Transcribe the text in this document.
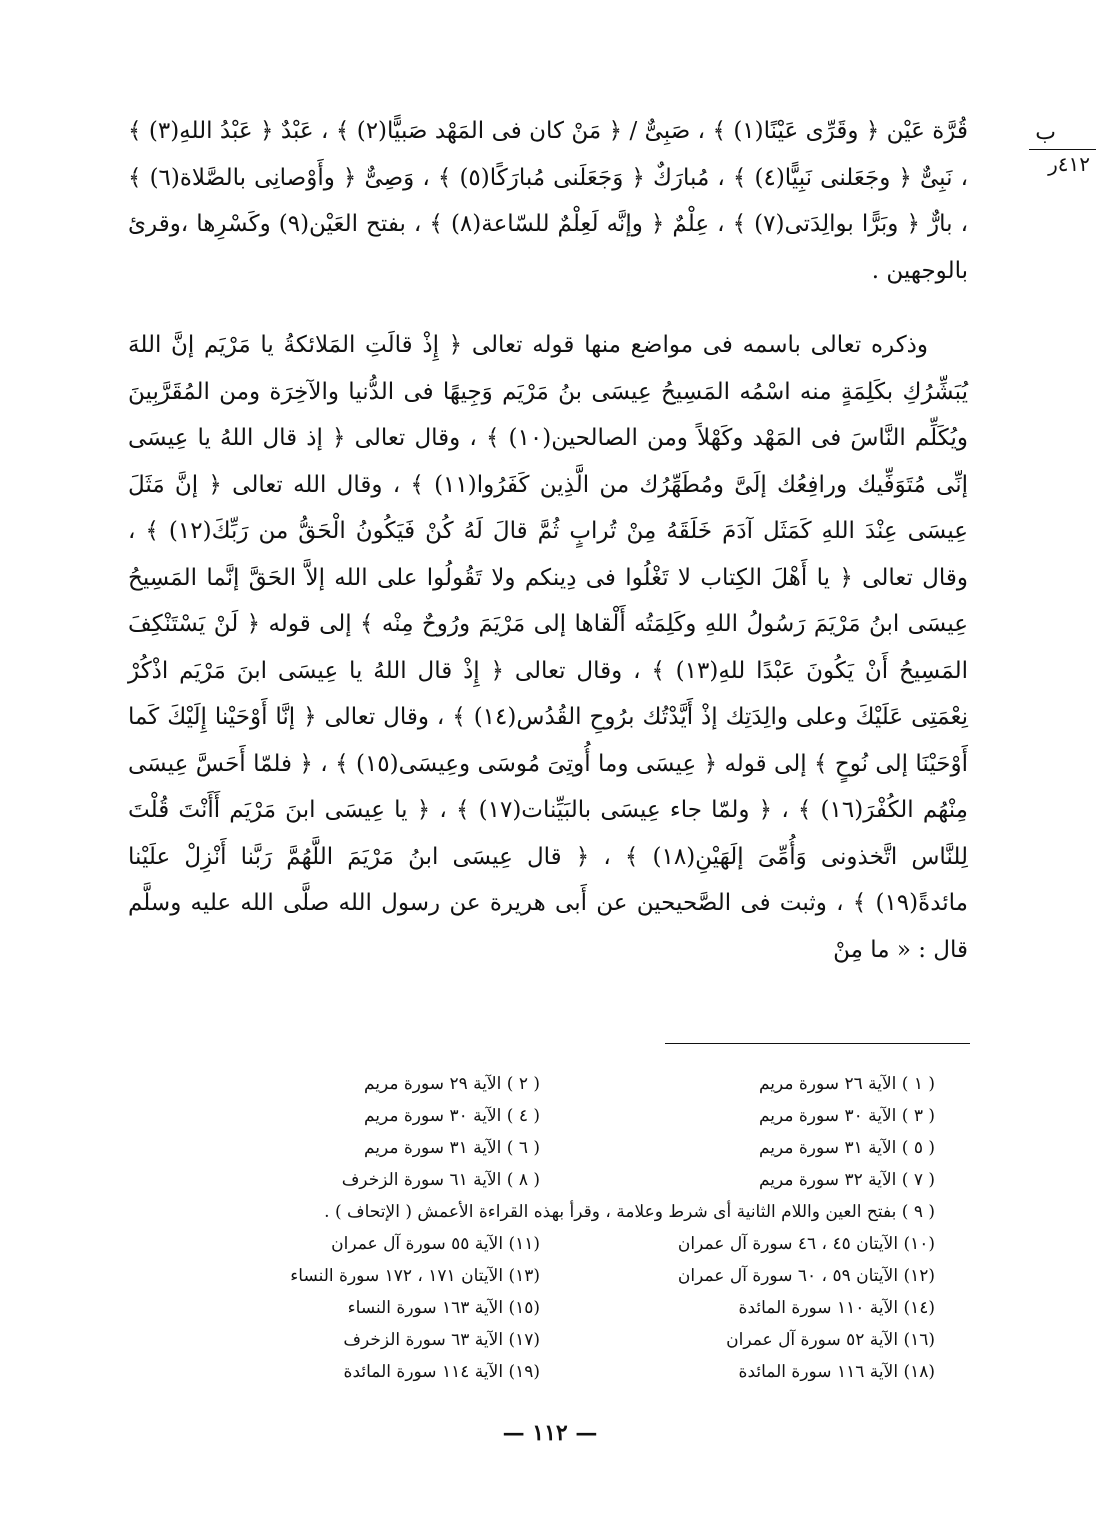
ب
٤١٢ر

قُرَّة عَيْن ﴿ وقَرِّى عَيْنًا(١) ﴾ ، صَبِىٌّ / ﴿ مَنْ كان فى المَهْد صَبيًّا(٢) ﴾ ، عَبْدٌ ﴿ عَبْدُ اللهِ(٣) ﴾ ، نَبِىٌّ ﴿ وجَعَلنى نَبِيًّا(٤) ﴾ ، مُبارَكٌ ﴿ وَجَعَلَنى مُبارَكًا(٥) ﴾ ، وَصِىٌّ ﴿ وأَوْصانِى بالصَّلاة(٦) ﴾ ، بارٌّ ﴿ وبَرًّا بوالِدَتى(٧) ﴾ ، عِلْمٌ ﴿ وإنَّه لَعِلْمٌ للسّاعة(٨) ﴾ ، بفتح العَيْن(٩) وكَسْرِها ،وقرئ بالوجهين .

وذكره تعالى باسمه فى مواضع منها قوله تعالى ﴿ إِذْ قالَتِ المَلائكةُ يا مَرْيَم إنَّ اللهَ يُبَشِّرُكِ بكَلِمَةٍ منه اسْمُه المَسِيحُ عِيسَى بنُ مَرْيَم وَجِيهًا فى الدُّنيا والآخِرَة ومن المُقَرَّبِينَ ويُكَلِّم النَّاسَ فى المَهْد وكَهْلاً ومن الصالحين(١٠) ﴾ ، وقال تعالى ﴿ إذ قال اللهُ يا عِيسَى إنِّى مُتَوَفِّيك ورافِعُك إلَىَّ ومُطَهِّرُك من الَّذِين كَفَرُوا(١١) ﴾ ، وقال الله تعالى ﴿ إنَّ مَثَلَ عِيسَى عِنْدَ اللهِ كَمَثَل آدَمَ خَلَقَهُ مِنْ تُرابٍ ثُمَّ قالَ لَهُ كُنْ فَيَكُونُ الْحَقُّ من رَبِّكَ(١٢) ﴾ ، وقال تعالى ﴿ يا أَهْلَ الكِتاب لا تَغْلُوا فى دِينكم ولا تَقُولُوا على الله إلاَّ الحَقَّ إنَّما المَسِيحُ عِيسَى ابنُ مَرْيَمَ رَسُولُ اللهِ وكَلِمَتُه أَلْقاها إلى مَرْيَمَ ورُوحٌ مِنْه ﴾ إلى قوله ﴿ لَنْ يَسْتَنْكِفَ المَسِيحُ أَنْ يَكُونَ عَبْدًا للهِ(١٣) ﴾ ، وقال تعالى ﴿ إِذْ قال اللهُ يا عِيسَى ابنَ مَرْيَم اذْكُرْ نِعْمَتِى عَلَيْكَ وعلى والِدَتِك إذْ أَيَّدْتُك برُوحِ القُدُس(١٤) ﴾ ، وقال تعالى ﴿ إنَّا أَوْحَيْنا إِلَيْكَ كَما أَوْحَيْنَا إلى نُوحٍ ﴾ إلى قوله ﴿ عِيسَى وما أُوتِىَ مُوسَى وعِيسَى(١٥) ﴾ ، ﴿ فلمّا أَحَسَّ عِيسَى مِنْهُم الكُفْرَ(١٦) ﴾ ، ﴿ ولمّا جاء عِيسَى بالبَيِّنات(١٧) ﴾ ، ﴿ يا عِيسَى ابنَ مَرْيَم أَأَنْتَ قُلْتَ لِلنَّاس اتَّخذونى وَأُمِّىَ إلَهَيْنِ(١٨) ﴾ ، ﴿ قال عِيسَى ابنُ مَرْيَمَ اللَّهُمَّ رَبَّنا أَنْزِلْ علَيْنا مائدةً(١٩) ﴾ ، وثبت فى الصَّحيحين عن أَبى هريرة عن رسول الله صلَّى الله عليه وسلَّم قال : « ما مِنْ

( ١ ) الآية ٢٦ سورة مريم
( ٢ ) الآية ٢٩ سورة مريم
( ٣ ) الآية ٣٠ سورة مريم
( ٤ ) الآية ٣٠ سورة مريم
( ٥ ) الآية ٣١ سورة مريم
( ٦ ) الآية ٣١ سورة مريم
( ٧ ) الآية ٣٢ سورة مريم
( ٨ ) الآية ٦١ سورة الزخرف
( ٩ ) بفتح العين واللام الثانية أى شرط وعلامة ، وقرأ بهذه القراءة الأعمش ( الإتحاف ) .
(١٠) الآيتان ٤٥ ، ٤٦ سورة آل عمران
(١١) الآية ٥٥ سورة آل عمران
(١٢) الآيتان ٥٩ ، ٦٠ سورة آل عمران
(١٣) الآيتان ١٧١ ، ١٧٢ سورة النساء
(١٤) الآية ١١٠ سورة المائدة
(١٥) الآية ١٦٣ سورة النساء
(١٦) الآية ٥٢ سورة آل عمران
(١٧) الآية ٦٣ سورة الزخرف
(١٨) الآية ١١٦ سورة المائدة
(١٩) الآية ١١٤ سورة المائدة
— ١١٢ —
